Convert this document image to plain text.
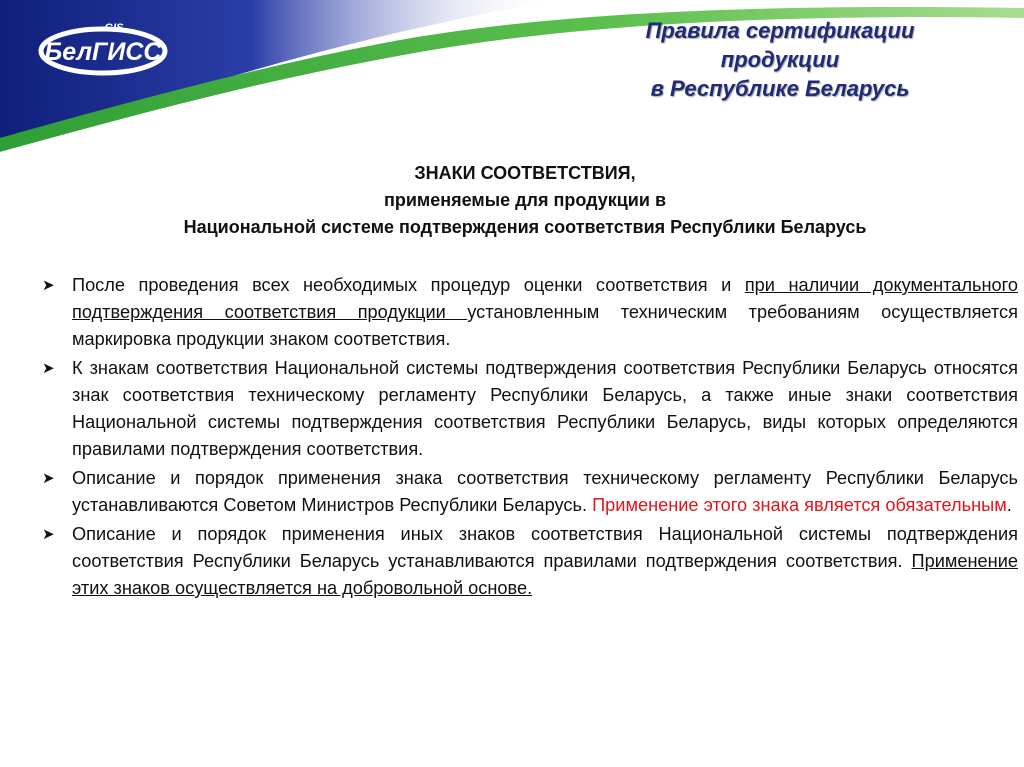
БелГИСС
GIS	Правила сертификации
продукции
в Республике Беларусь
ЗНАКИ СООТВЕТСТВИЯ,
применяемые для продукции в
Национальной системе подтверждения соответствия Республики Беларусь
➤ После проведения всех необходимых процедур оценки соответствия и при наличии документального подтверждения соответствия продукции установленным техническим требованиям осуществляется маркировка продукции знаком соответствия.
➤ К знакам соответствия Национальной системы подтверждения соответствия Республики Беларусь относятся знак соответствия техническому регламенту Республики Беларусь, а также иные знаки соответствия Национальной системы подтверждения соответствия Республики Беларусь, виды которых определяются правилами подтверждения соответствия.
➤ Описание и порядок применения знака соответствия техническому регламенту Республики Беларусь устанавливаются Советом Министров Республики Беларусь. Применение этого знака является обязательным.
➤ Описание и порядок применения иных знаков соответствия Национальной системы подтверждения соответствия Республики Беларусь устанавливаются правилами подтверждения соответствия. Применение этих знаков осуществляется на добровольной основе.
